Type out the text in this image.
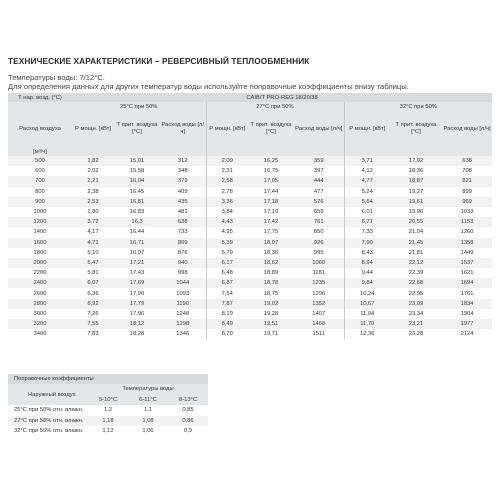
ТЕХНИЧЕСКИЕ ХАРАКТЕРИСТИКИ – РЕВЕРСИВНЫЙ ТЕПЛООБМЕННИК
Температуры воды: 7/12°С.
Для определения данных для других температур воды используйте поправочные коэффициенты внизу таблицы.
Т нар. возд. (°С)	CAIB/T PRO-REG 18/20/38								
	25°С при 50%			27°С при 50%			32°С при 50%		
Расход воздуха	Р мощн. [кВт]	Т прит. воздуха [°С]	Расход воды [л/ч]	Р мощн. [кВт]	Т прит. воздуха [°С]	Расход воды [л/ч]	Р мощн. [кВт]	Т прит. воздуха [°С]	Расход воды [л/ч]
[м³/ч]									
500	1,82	15,01	312	2,09	16,25	359	3,71	17,92	638
600	2,02	15,58	348	2,31	16,75	397	4,12	18,36	708
700	2,21	16,04	379	2,58	17,05	444	4,77	18,87	821
800	2,38	16,45	409	2,78	17,44	477	5,24	19,27	899
900	2,53	16,81	435	3,36	17,18	576	5,64	19,61	969
1000	2,80	16,83	481	3,84	17,10	659	6,01	19,96	1033
1200	3,72	16,3	638	4,43	17,42	761	6,71	20,55	1153
1400	4,17	16,44	733	4,95	17,75	850	7,33	21,04	1260
1600	4,71	16,71	809	5,39	18,07	926	7,90	21,45	1358
1800	5,10	16,97	876	5,79	18,36	995	8,43	21,81	1449
2000	5,47	17,21	940	6,17	18,62	1060	8,94	22,12	1537
2200	5,81	17,43	998	6,48	18,89	1181	9,44	22,39	1621
2400	6,07	17,69	1044	6,87	18,78	1235	9,84	22,68	1694
2600	6,36	17,90	1093	7,54	18,75	1296	10,24	22,95	1761
2800	6,92	17,79	1190	7,87	19,02	1352	10,67	23,09	1834
3000	7,26	17,96	1248	8,19	19,28	1407	11,04	23,34	1904
3200	7,55	18,12	1298	8,49	19,51	1460	11,70	23,21	1977
3400	7,83	18,28	1346	8,79	19,71	1511	12,36	23,28	2124
Поправочные коэффициенты			
Наружный воздух	Температуры воды		
	5-10°С	6-11°С	8-13°С
25°С при 50% отн. влажн.	1,2	1,1	0,85
27°С при 50% отн. влажн.	1,18	1,08	0,86
32°С при 50% отн. влажн.	1,12	1,06	0,9
